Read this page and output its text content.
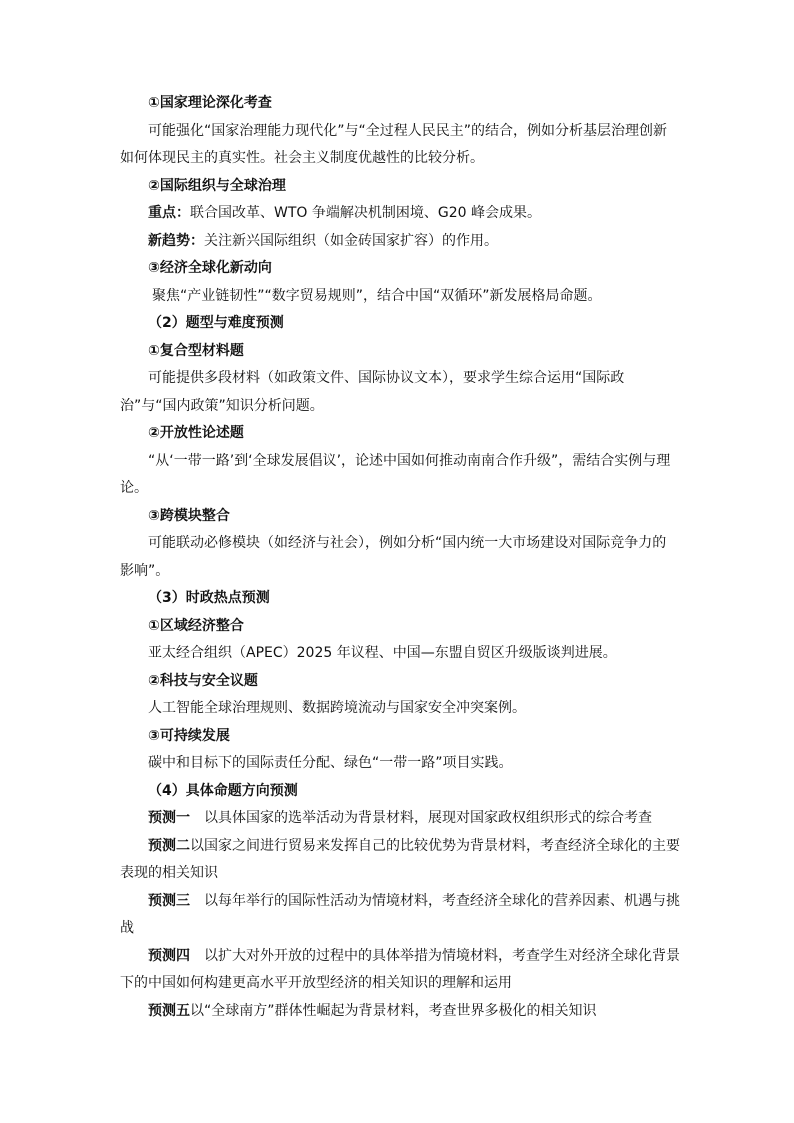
①国家理论深化考查

可能强化“国家治理能力现代化”与“全过程人民民主”的结合，例如分析基层治理创新如何体现民主的真实性。社会主义制度优越性的比较分析。

②国际组织与全球治理

重点：联合国改革、WTO 争端解决机制困境、G20 峰会成果。

新趋势：关注新兴国际组织（如金砖国家扩容）的作用。

③经济全球化新动向

聚焦“产业链韧性”“数字贸易规则”，结合中国“双循环”新发展格局命题。

（2）题型与难度预测

①复合型材料题

可能提供多段材料（如政策文件、国际协议文本），要求学生综合运用“国际政治”与“国内政策”知识分析问题。

②开放性论述题

“从‘一带一路’到‘全球发展倡议’，论述中国如何推动南南合作升级”，需结合实例与理论。

③跨模块整合

可能联动必修模块（如经济与社会），例如分析“国内统一大市场建设对国际竞争力的影响”。

（3）时政热点预测

①区域经济整合

亚太经合组织（APEC）2025 年议程、中国—东盟自贸区升级版谈判进展。

②科技与安全议题

人工智能全球治理规则、数据跨境流动与国家安全冲突案例。

③可持续发展

碳中和目标下的国际责任分配、绿色“一带一路”项目实践。

（4）具体命题方向预测

预测一　以具体国家的选举活动为背景材料，展现对国家政权组织形式的综合考查

预测二以国家之间进行贸易来发挥自己的比较优势为背景材料，考查经济全球化的主要表现的相关知识

预测三　以每年举行的国际性活动为情境材料，考查经济全球化的营养因素、机遇与挑战

预测四　以扩大对外开放的过程中的具体举措为情境材料，考查学生对经济全球化背景下的中国如何构建更高水平开放型经济的相关知识的理解和运用

预测五以“全球南方”群体性崛起为背景材料，考查世界多极化的相关知识
